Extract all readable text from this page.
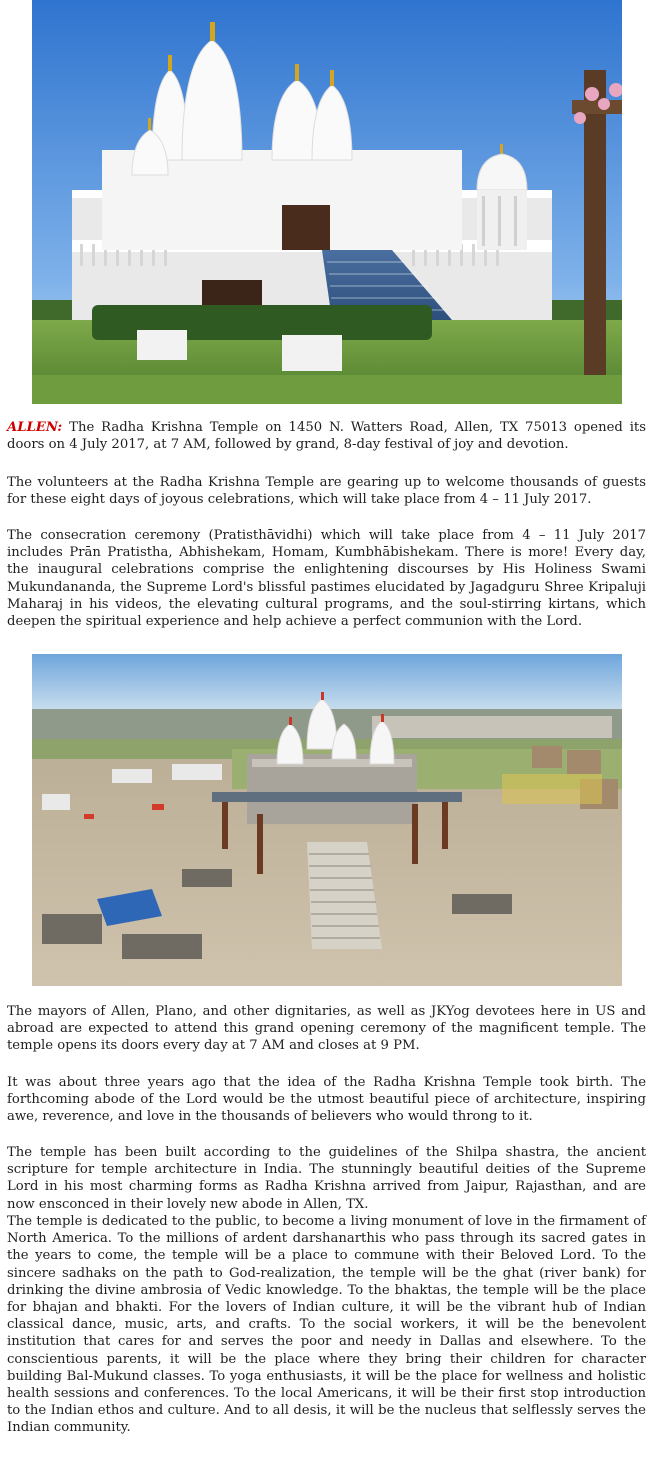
ALLEN: The Radha Krishna Temple on 1450 N. Watters Road, Allen, TX 75013 opened its doors on 4 July 2017, at 7 AM, followed by grand, 8-day festival of joy and devotion.

The volunteers at the Radha Krishna Temple are gearing up to welcome thousands of guests for these eight days of joyous celebrations, which will take place from 4 – 11 July 2017.

The consecration ceremony (Pratisthāvidhi) which will take place from 4 – 11 July 2017 includes Prān Pratistha, Abhishekam, Homam, Kumbhābishekam. There is more! Every day, the inaugural celebrations comprise the enlightening discourses by His Holiness Swami Mukundananda, the Supreme Lord's blissful pastimes elucidated by Jagadguru Shree Kripaluji Maharaj in his videos, the elevating cultural programs, and the soul-stirring kirtans, which deepen the spiritual experience and help achieve a perfect communion with the Lord.

The mayors of Allen, Plano, and other dignitaries, as well as JKYog devotees here in US and abroad are expected to attend this grand opening ceremony of the magnificent temple. The temple opens its doors every day at 7 AM and closes at 9 PM.

It was about three years ago that the idea of the Radha Krishna Temple took birth. The forthcoming abode of the Lord would be the utmost beautiful piece of architecture, inspiring awe, reverence, and love in the thousands of believers who would throng to it.

The temple has been built according to the guidelines of the Shilpa shastra, the ancient scripture for temple architecture in India. The stunningly beautiful deities of the Supreme Lord in his most charming forms as Radha Krishna arrived from Jaipur, Rajasthan, and are now ensconced in their lovely new abode in Allen, TX.

The temple is dedicated to the public, to become a living monument of love in the firmament of North America. To the millions of ardent darshanarthis who pass through its sacred gates in the years to come, the temple will be a place to commune with their Beloved Lord. To the sincere sadhaks on the path to God-realization, the temple will be the ghat (river bank) for drinking the divine ambrosia of Vedic knowledge. To the bhaktas, the temple will be the place for bhajan and bhakti. For the lovers of Indian culture, it will be the vibrant hub of Indian classical dance, music, arts, and crafts. To the social workers, it will be the benevolent institution that cares for and serves the poor and needy in Dallas and elsewhere. To the conscientious parents, it will be the place where they bring their children for character building Bal-Mukund classes. To yoga enthusiasts, it will be the place for wellness and holistic health sessions and conferences. To the local Americans, it will be their first stop introduction to the Indian ethos and culture. And to all desis, it will be the nucleus that selflessly serves the Indian community.
